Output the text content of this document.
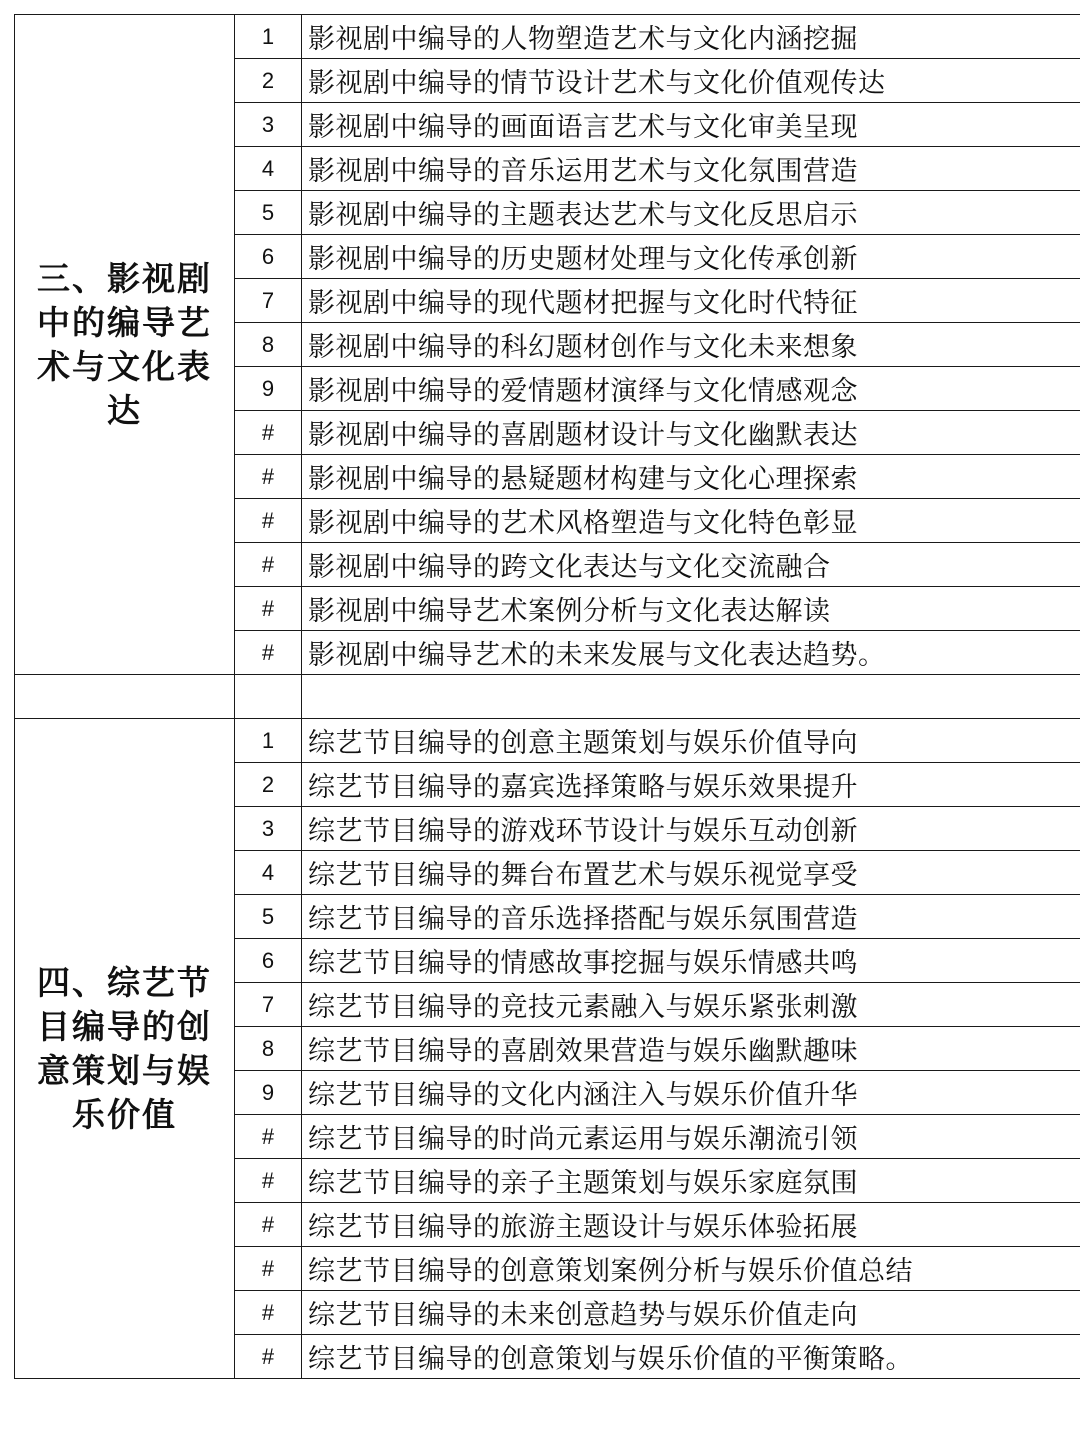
三、影视剧中的编导艺术与文化表达	1	影视剧中编导的人物塑造艺术与文化内涵挖掘
	2	影视剧中编导的情节设计艺术与文化价值观传达
	3	影视剧中编导的画面语言艺术与文化审美呈现
	4	影视剧中编导的音乐运用艺术与文化氛围营造
	5	影视剧中编导的主题表达艺术与文化反思启示
	6	影视剧中编导的历史题材处理与文化传承创新
	7	影视剧中编导的现代题材把握与文化时代特征
	8	影视剧中编导的科幻题材创作与文化未来想象
	9	影视剧中编导的爱情题材演绎与文化情感观念
	#	影视剧中编导的喜剧题材设计与文化幽默表达
	#	影视剧中编导的悬疑题材构建与文化心理探索
	#	影视剧中编导的艺术风格塑造与文化特色彰显
	#	影视剧中编导的跨文化表达与文化交流融合
	#	影视剧中编导艺术案例分析与文化表达解读
	#	影视剧中编导艺术的未来发展与文化表达趋势。

四、综艺节目编导的创意策划与娱乐价值	1	综艺节目编导的创意主题策划与娱乐价值导向
	2	综艺节目编导的嘉宾选择策略与娱乐效果提升
	3	综艺节目编导的游戏环节设计与娱乐互动创新
	4	综艺节目编导的舞台布置艺术与娱乐视觉享受
	5	综艺节目编导的音乐选择搭配与娱乐氛围营造
	6	综艺节目编导的情感故事挖掘与娱乐情感共鸣
	7	综艺节目编导的竞技元素融入与娱乐紧张刺激
	8	综艺节目编导的喜剧效果营造与娱乐幽默趣味
	9	综艺节目编导的文化内涵注入与娱乐价值升华
	#	综艺节目编导的时尚元素运用与娱乐潮流引领
	#	综艺节目编导的亲子主题策划与娱乐家庭氛围
	#	综艺节目编导的旅游主题设计与娱乐体验拓展
	#	综艺节目编导的创意策划案例分析与娱乐价值总结
	#	综艺节目编导的未来创意趋势与娱乐价值走向
	#	综艺节目编导的创意策划与娱乐价值的平衡策略。
